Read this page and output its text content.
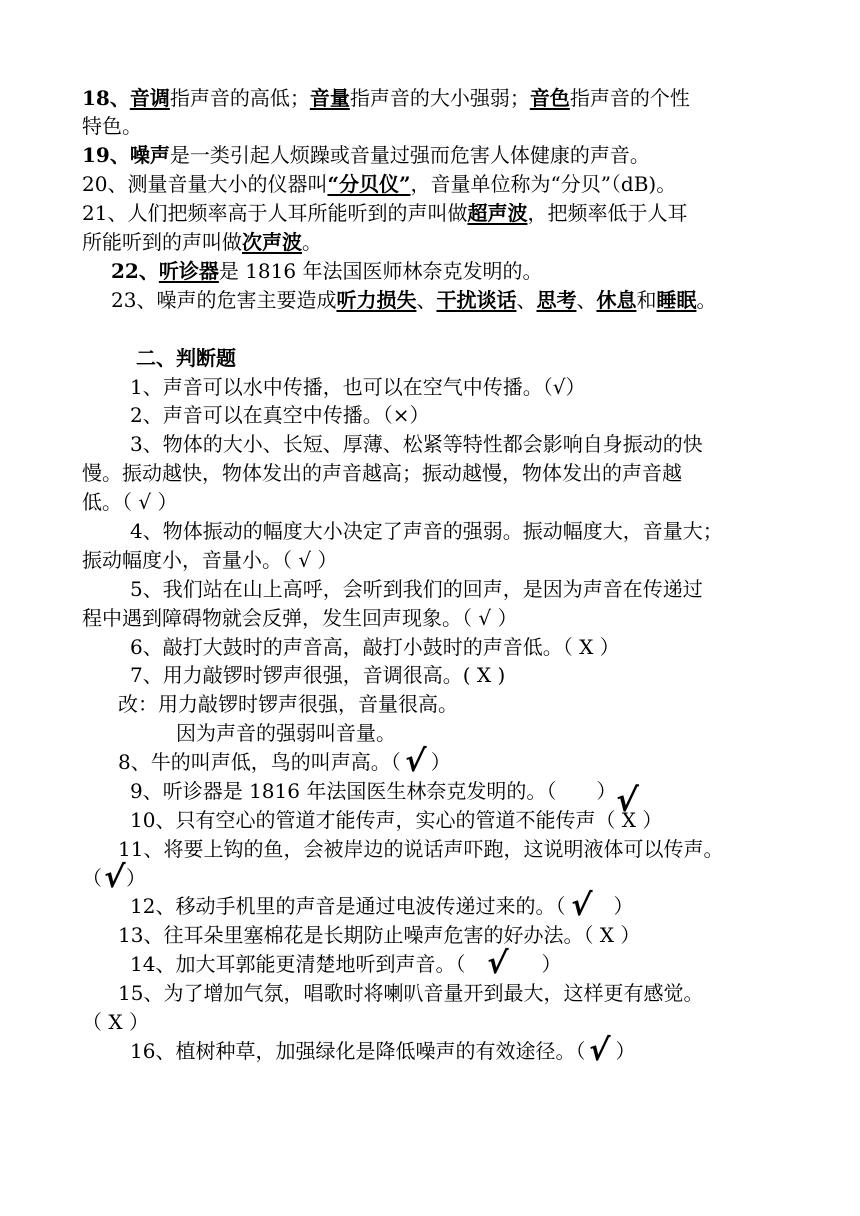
18、音调指声音的高低；音量指声音的大小强弱；音色指声音的个性

特色。

19、噪声是一类引起人烦躁或音量过强而危害人体健康的声音。

20、测量音量大小的仪器叫“分贝仪”，音量单位称为“分贝”（dB)。

21、人们把频率高于人耳所能听到的声叫做超声波，把频率低于人耳

所能听到的声叫做次声波。

22、听诊器是 1816 年法国医师林奈克发明的。

23、噪声的危害主要造成听力损失、干扰谈话、思考、休息和睡眠。

二、判断题

1、声音可以水中传播，也可以在空气中传播。（√）

2、声音可以在真空中传播。（×）

3、物体的大小、长短、厚薄、松紧等特性都会影响自身振动的快

慢。振动越快，物体发出的声音越高；振动越慢，物体发出的声音越

低。（ √ ）

4、物体振动的幅度大小决定了声音的强弱。振动幅度大，音量大；

振动幅度小，音量小。（ √ ）

5、我们站在山上高呼，会听到我们的回声，是因为声音在传递过

程中遇到障碍物就会反弹，发生回声现象。（ √ ）

6、敲打大鼓时的声音高，敲打小鼓时的声音低。（ X ）

7、用力敲锣时锣声很强，音调很高。( X )

改：用力敲锣时锣声很强，音量很高。

因为声音的强弱叫音量。

8、牛的叫声低，鸟的叫声高。（√ ）

9、听诊器是 1816 年法国医生林奈克发明的。（ ）

√

10、只有空心的管道才能传声，实心的管道不能传声（ X ）

11、将要上钩的鱼，会被岸边的说话声吓跑，这说明液体可以传声。

（√）

12、移动手机里的声音是通过电波传递过来的。（ √ ）

13、往耳朵里塞棉花是长期防止噪声危害的好办法。（ X ）

14、加大耳郭能更清楚地听到声音。（ √ ）

15、为了增加气氛，唱歌时将喇叭音量开到最大，这样更有感觉。

（ X ）

16、植树种草，加强绿化是降低噪声的有效途径。（√ ）
